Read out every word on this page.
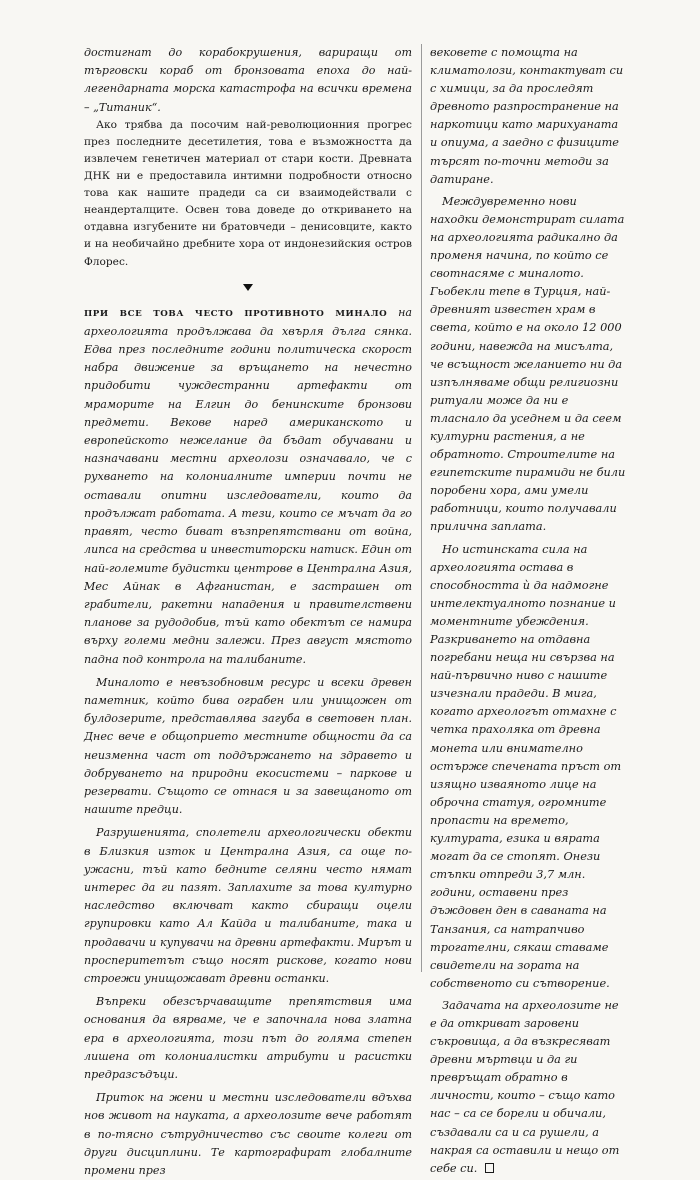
достигнат до корабокрушения, вариращи от търговски кораб от бронзовата епоха до най-легендарната морска катастрофа на всички времена – „Титаник“.

Ако трябва да посочим най-революционния прогрес през последните десетилетия, това е възможността да извлечем генетичен материал от стари кости. Древната ДНК ни е предоставила интимни подробности относно това как нашите прадеди са си взаимодействали с неандерталците. Освен това доведе до откриването на отдавна изгубените ни братовчеди – денисовците, както и на необичайно дребните хора от индонезийския остров Флорес.

ПРИ ВСЕ ТОВА ЧЕСТО ПРОТИВНОТО МИНАЛО на археологията продължава да хвърля дълга сянка. Едва през последните години политическа скорост набра движение за връщането на нечестно придобити чуждестранни артефакти от мраморите на Елгин до бенинските бронзови предмети. Векове наред американското и европейското нежелание да бъдат обучавани и назначавани местни археолози означавало, че с рухването на колониалните империи почти не оставали опитни изследователи, които да продължат работата. А тези, които се мъчат да го правят, често биват възпрепятствани от война, липса на средства и инвеститорски натиск. Един от най-големите будистки центрове в Централна Азия, Мес Айнак в Афганистан, е застрашен от грабители, ракетни нападения и правителствени планове за рудодобив, тъй като обектът се намира върху големи медни залежи. През август мястото падна под контрола на талибаните.

Миналото е невъзобновим ресурс и всеки древен паметник, който бива ограбен или унищожен от булдозерите, представлява загуба в световен план. Днес вече е общоприето местните общности да са неизменна част от поддържането на здравето и добруването на природни екосистеми – паркове и резервати. Същото се отнася и за завещаното от нашите предци.

Разрушенията, сполетели археологически обекти в Близкия изток и Централна Азия, са още по-ужасни, тъй като бедните селяни често нямат интерес да ги пазят. Заплахите за това културно наследство включват както сбиращи оцели групировки като Ал Кайда и талибаните, така и продавачи и купувачи на древни артефакти. Мирът и просперитетът също носят рискове, когато нови строежи унищожават древни останки.

Въпреки обезсърчаващите препятствия има основания да вярваме, че е започнала нова златна ера в археологията, този път до голяма степен лишена от колониалистки атрибути и расистки предразсъдъци.

Приток на жени и местни изследователи вдъхва нов живот на науката, а археолозите вече работят в по-тясно сътрудничество със своите колеги от други дисциплини. Те картографират глобалните промени през

вековете с помощта на климатолози, контактуват си с химици, за да проследят древното разпространение на наркотици като марихуаната и опиума, а заедно с физиците търсят по-точни методи за датиране.

Междувременно нови находки демонстрират силата на археологията радикално да променя начина, по който се свотнасяме с миналото. Гьобекли тепе в Турция, най-древният известен храм в света, който е на около 12 000 години, навежда на мисълта, че всъщност желанието ни да изпълняваме общи религиозни ритуали може да ни е тласнало да уседнем и да сеем културни растения, а не обратното. Строителите на египетските пирамиди не били поробени хора, ами умели работници, които получавали прилична заплата.

Но истинската сила на археологията остава в способността ѝ да надмогне интелектуалното познание и моментните убеждения. Разкриването на отдавна погребани неща ни свързва на най-първично ниво с нашите изчезнали прадеди. В мига, когато археологът отмахне с четка прахоляка от древна монета или внимателно остърже спечената пръст от изящно изваяното лице на оброчна статуя, огромните пропасти на времето, културата, езика и вярата могат да се стопят. Онези стъпки отпреди 3,7 млн. години, оставени през дъждовен ден в саваната на Танзания, са натрапчиво трогателни, сякаш ставаме свидетели на зората на собственото си сътворение.

Задачата на археолозите не е да откриват заровени съкровища, а да възкресяват древни мъртвци и да ги превръщат обратно в личности, които – също като нас – са се борели и обичали, създавали са и са рушели, а накрая са оставили и нещо от себе си.
